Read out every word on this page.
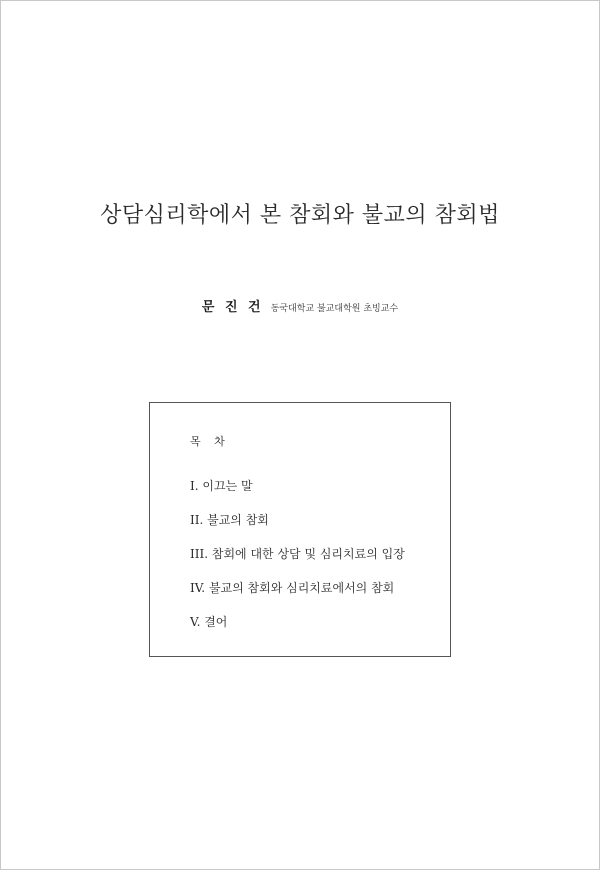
상담심리학에서 본 참회와 불교의 참회법
문 진 건 동국대학교 불교대학원 초빙교수
목 차
I. 이끄는 말
II. 불교의 참회
III. 참회에 대한 상담 및 심리치료의 입장
IV. 불교의 참회와 심리치료에서의 참회
V. 결어
